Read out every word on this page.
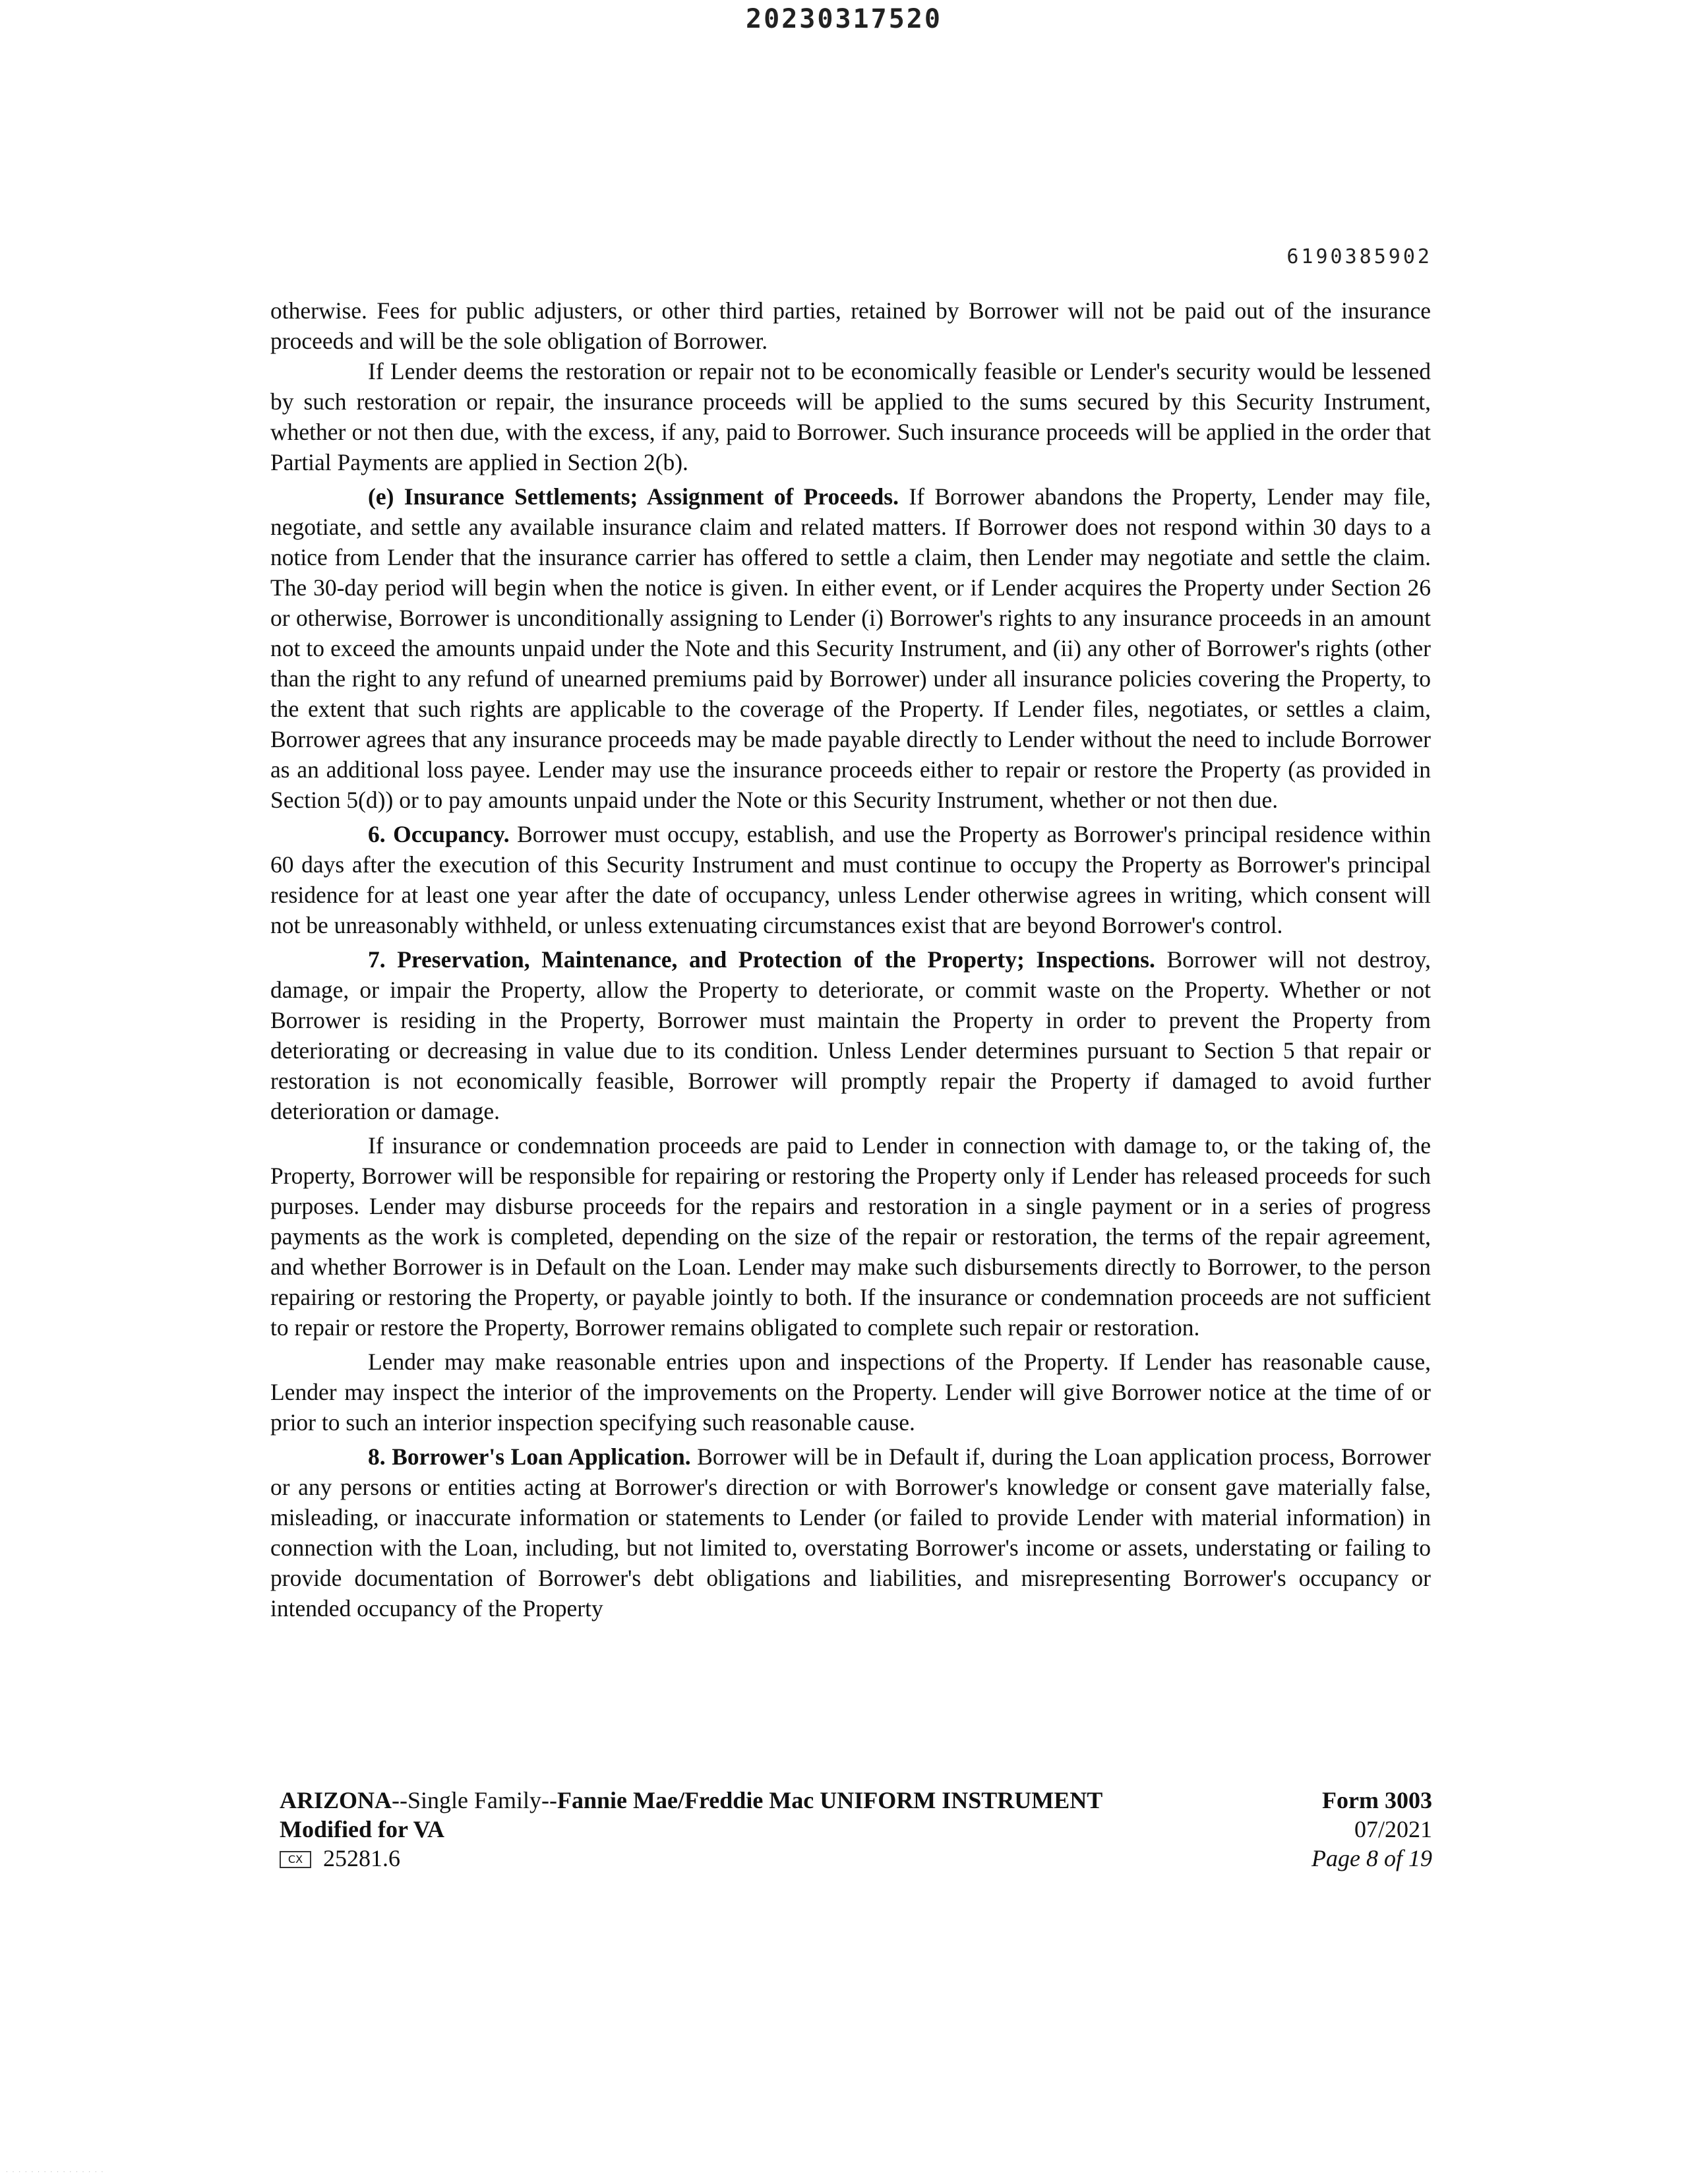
20230317520
6190385902

otherwise. Fees for public adjusters, or other third parties, retained by Borrower will not be paid out of the insurance proceeds and will be the sole obligation of Borrower.

If Lender deems the restoration or repair not to be economically feasible or Lender's security would be lessened by such restoration or repair, the insurance proceeds will be applied to the sums secured by this Security Instrument, whether or not then due, with the excess, if any, paid to Borrower. Such insurance proceeds will be applied in the order that Partial Payments are applied in Section 2(b).

(e) Insurance Settlements; Assignment of Proceeds. If Borrower abandons the Property, Lender may file, negotiate, and settle any available insurance claim and related matters. If Borrower does not respond within 30 days to a notice from Lender that the insurance carrier has offered to settle a claim, then Lender may negotiate and settle the claim. The 30-day period will begin when the notice is given. In either event, or if Lender acquires the Property under Section 26 or otherwise, Borrower is unconditionally assigning to Lender (i) Borrower's rights to any insurance proceeds in an amount not to exceed the amounts unpaid under the Note and this Security Instrument, and (ii) any other of Borrower's rights (other than the right to any refund of unearned premiums paid by Borrower) under all insurance policies covering the Property, to the extent that such rights are applicable to the coverage of the Property. If Lender files, negotiates, or settles a claim, Borrower agrees that any insurance proceeds may be made payable directly to Lender without the need to include Borrower as an additional loss payee. Lender may use the insurance proceeds either to repair or restore the Property (as provided in Section 5(d)) or to pay amounts unpaid under the Note or this Security Instrument, whether or not then due.

6. Occupancy. Borrower must occupy, establish, and use the Property as Borrower's principal residence within 60 days after the execution of this Security Instrument and must continue to occupy the Property as Borrower's principal residence for at least one year after the date of occupancy, unless Lender otherwise agrees in writing, which consent will not be unreasonably withheld, or unless extenuating circumstances exist that are beyond Borrower's control.

7. Preservation, Maintenance, and Protection of the Property; Inspections. Borrower will not destroy, damage, or impair the Property, allow the Property to deteriorate, or commit waste on the Property. Whether or not Borrower is residing in the Property, Borrower must maintain the Property in order to prevent the Property from deteriorating or decreasing in value due to its condition. Unless Lender determines pursuant to Section 5 that repair or restoration is not economically feasible, Borrower will promptly repair the Property if damaged to avoid further deterioration or damage.

If insurance or condemnation proceeds are paid to Lender in connection with damage to, or the taking of, the Property, Borrower will be responsible for repairing or restoring the Property only if Lender has released proceeds for such purposes. Lender may disburse proceeds for the repairs and restoration in a single payment or in a series of progress payments as the work is completed, depending on the size of the repair or restoration, the terms of the repair agreement, and whether Borrower is in Default on the Loan. Lender may make such disbursements directly to Borrower, to the person repairing or restoring the Property, or payable jointly to both. If the insurance or condemnation proceeds are not sufficient to repair or restore the Property, Borrower remains obligated to complete such repair or restoration.

Lender may make reasonable entries upon and inspections of the Property. If Lender has reasonable cause, Lender may inspect the interior of the improvements on the Property. Lender will give Borrower notice at the time of or prior to such an interior inspection specifying such reasonable cause.

8. Borrower's Loan Application. Borrower will be in Default if, during the Loan application process, Borrower or any persons or entities acting at Borrower's direction or with Borrower's knowledge or consent gave materially false, misleading, or inaccurate information or statements to Lender (or failed to provide Lender with material information) in connection with the Loan, including, but not limited to, overstating Borrower's income or assets, understating or failing to provide documentation of Borrower's debt obligations and liabilities, and misrepresenting Borrower's occupancy or intended occupancy of the Property

ARIZONA--Single Family--Fannie Mae/Freddie Mac UNIFORM INSTRUMENT
Modified for VA
CX 25281.6
Form 3003
07/2021
Page 8 of 19
· · · · · · · · · · · · · · · ·
